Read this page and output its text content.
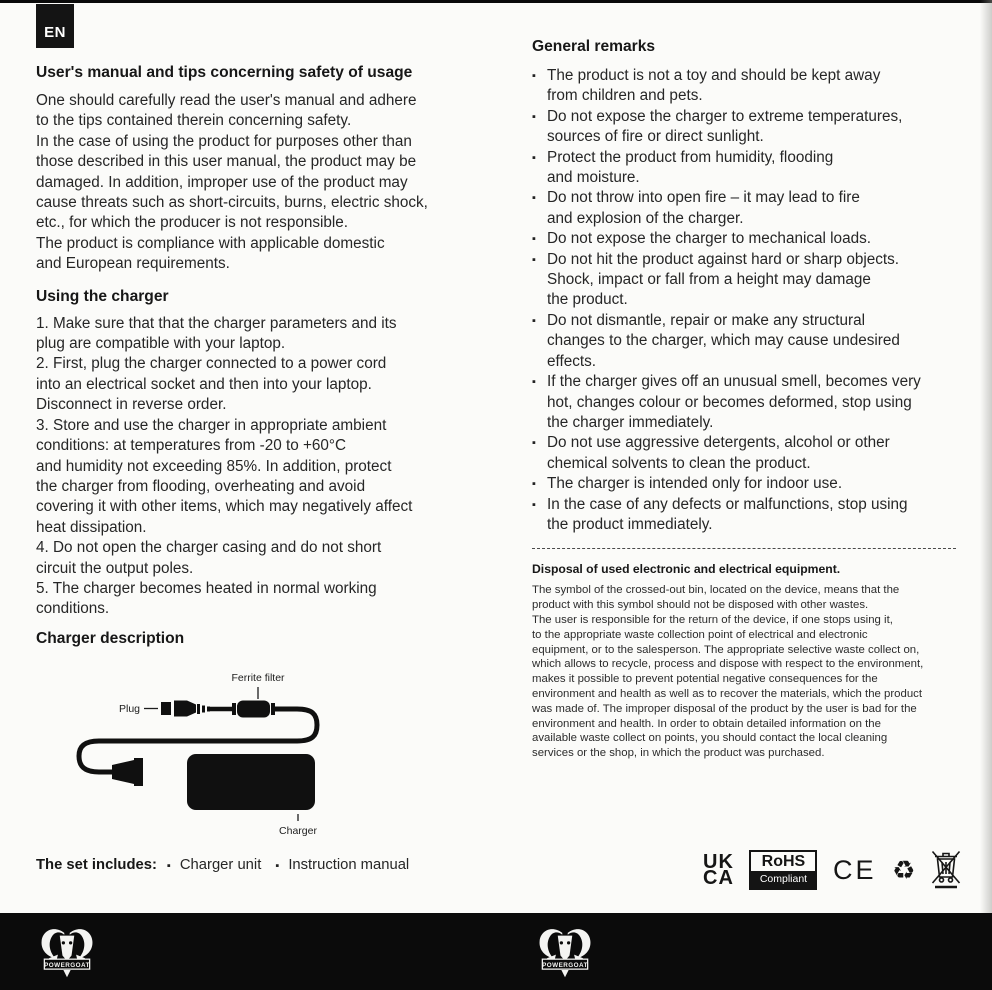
EN
User's manual and tips concerning safety of usage

One should carefully read the user's manual and adhere
to the tips contained therein concerning safety.
In the case of using the product for purposes other than
those described in this user manual, the product may be
damaged. In addition, improper use of the product may
cause threats such as short-circuits, burns, electric shock,
etc., for which the producer is not responsible.
The product is compliance with applicable domestic
and European requirements.

Using the charger

1. Make sure that that the charger parameters and its
plug are compatible with your laptop.
2. First, plug the charger connected to a power cord
into an electrical socket and then into your laptop.
Disconnect in reverse order.
3. Store and use the charger in appropriate ambient
conditions: at temperatures from -20 to +60°C
and humidity not exceeding 85%. In addition, protect
the charger from flooding, overheating and avoid
covering it with other items, which may negatively affect
heat dissipation.
4. Do not open the charger casing and do not short
circuit the output poles.
5. The charger becomes heated in normal working
conditions.

Charger description
Ferrite filter
Plug
Charger
The set includes: ▪ Charger unit ▪ Instruction manual
General remarks
▪ The product is not a toy and should be kept away
from children and pets.
▪ Do not expose the charger to extreme temperatures,
sources of fire or direct sunlight.
▪ Protect the product from humidity, flooding
and moisture.
▪ Do not throw into open fire – it may lead to fire
and explosion of the charger.
▪ Do not expose the charger to mechanical loads.
▪ Do not hit the product against hard or sharp objects.
Shock, impact or fall from a height may damage
the product.
▪ Do not dismantle, repair or make any structural
changes to the charger, which may cause undesired
effects.
▪ If the charger gives off an unusual smell, becomes very
hot, changes colour or becomes deformed, stop using
the charger immediately.
▪ Do not use aggressive detergents, alcohol or other
chemical solvents to clean the product.
▪ The charger is intended only for indoor use.
▪ In the case of any defects or malfunctions, stop using
the product immediately.
Disposal of used electronic and electrical equipment.

The symbol of the crossed-out bin, located on the device, means that the
product with this symbol should not be disposed with other wastes.
The user is responsible for the return of the device, if one stops using it,
to the appropriate waste collection point of electrical and electronic
equipment, or to the salesperson. The appropriate selective waste collect on,
which allows to recycle, process and dispose with respect to the environment,
makes it possible to prevent potential negative consequences for the
environment and health as well as to recover the materials, which the product
was made of. The improper disposal of the product by the user is bad for the
environment and health. In order to obtain detailed information on the
available waste collect on points, you should contact the local cleaning
services or the shop, in which the product was purchased.

UK
CA
RoHS
Compliant CE ♻
POWERGOAT	POWERGOAT
